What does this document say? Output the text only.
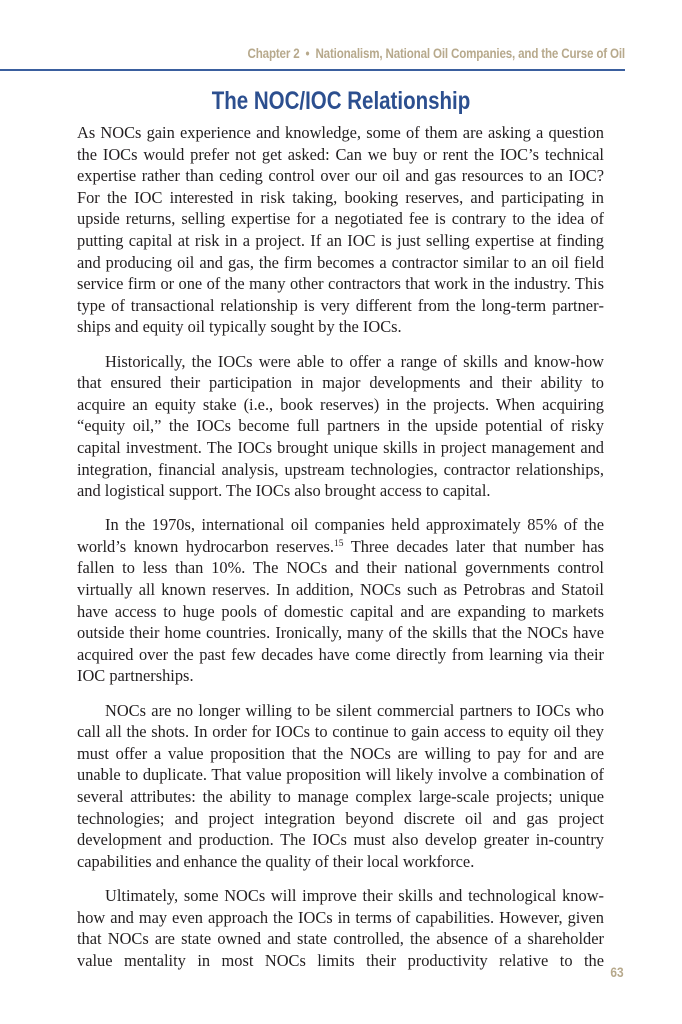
Chapter 2 • Nationalism, National Oil Companies, and the Curse of Oil
The NOC/IOC Relationship

As NOCs gain experience and knowledge, some of them are asking a question the IOCs would prefer not get asked: Can we buy or rent the IOC’s technical expertise rather than ceding control over our oil and gas resources to an IOC? For the IOC interested in risk taking, booking reserves, and participating in upside returns, selling expertise for a negotiated fee is contrary to the idea of putting capital at risk in a project. If an IOC is just selling expertise at finding and producing oil and gas, the firm becomes a contractor similar to an oil field service firm or one of the many other contractors that work in the industry. This type of transactional relationship is very different from the long-term partnerships and equity oil typically sought by the IOCs.

Historically, the IOCs were able to offer a range of skills and know-how that ensured their participation in major developments and their ability to acquire an equity stake (i.e., book reserves) in the projects. When acquiring “equity oil,” the IOCs become full partners in the upside potential of risky capital investment. The IOCs brought unique skills in project management and integration, financial analysis, upstream technologies, contractor relationships, and logistical support. The IOCs also brought access to capital.

In the 1970s, international oil companies held approximately 85% of the world’s known hydrocarbon reserves.$^{15}$ Three decades later that number has fallen to less than 10%. The NOCs and their national governments control virtually all known reserves. In addition, NOCs such as Petrobras and Statoil have access to huge pools of domestic capital and are expanding to markets outside their home countries. Ironically, many of the skills that the NOCs have acquired over the past few decades have come directly from learning via their IOC partnerships.

NOCs are no longer willing to be silent commercial partners to IOCs who call all the shots. In order for IOCs to continue to gain access to equity oil they must offer a value proposition that the NOCs are willing to pay for and are unable to duplicate. That value proposition will likely involve a combination of several attributes: the ability to manage complex large-scale projects; unique technologies; and project integration beyond discrete oil and gas project development and production. The IOCs must also develop greater in-country capabilities and enhance the quality of their local workforce.

Ultimately, some NOCs will improve their skills and technological know-how and may even approach the IOCs in terms of capabilities. However, given that NOCs are state owned and state controlled, the absence of a shareholder value mentality in most NOCs limits their productivity relative to the

63
